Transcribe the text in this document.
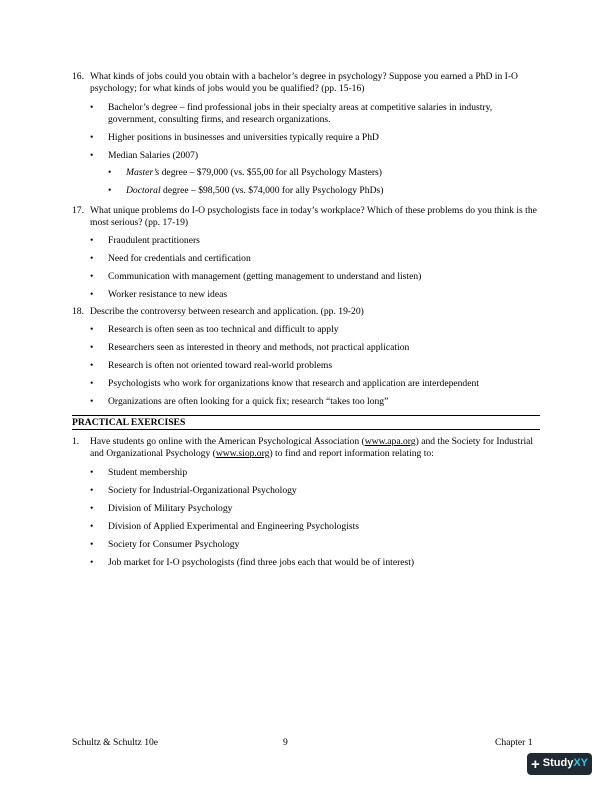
16. What kinds of jobs could you obtain with a bachelor’s degree in psychology? Suppose you earned a PhD in I-O psychology; for what kinds of jobs would you be qualified? (pp. 15-16)
• Bachelor’s degree – find professional jobs in their specialty areas at competitive salaries in industry, government, consulting firms, and research organizations.
• Higher positions in businesses and universities typically require a PhD
• Median Salaries (2007)
• Master’s degree – $79,000 (vs. $55,00 for all Psychology Masters)
• Doctoral degree – $98,500 (vs. $74,000 for ally Psychology PhDs)
17. What unique problems do I-O psychologists face in today’s workplace? Which of these problems do you think is the most serious? (pp. 17-19)
• Fraudulent practitioners
• Need for credentials and certification
• Communication with management (getting management to understand and listen)
• Worker resistance to new ideas
18. Describe the controversy between research and application. (pp. 19-20)
• Research is often seen as too technical and difficult to apply
• Researchers seen as interested in theory and methods, not practical application
• Research is often not oriented toward real-world problems
• Psychologists who work for organizations know that research and application are interdependent
• Organizations are often looking for a quick fix; research “takes too long”
PRACTICAL EXERCISES
1. Have students go online with the American Psychological Association (www.apa.org) and the Society for Industrial and Organizational Psychology (www.siop.org) to find and report information relating to:
• Student membership
• Society for Industrial-Organizational Psychology
• Division of Military Psychology
• Division of Applied Experimental and Engineering Psychologists
• Society for Consumer Psychology
• Job market for I-O psychologists (find three jobs each that would be of interest)
Schultz & Schultz 10e	9	Chapter 1
+ Study XY
